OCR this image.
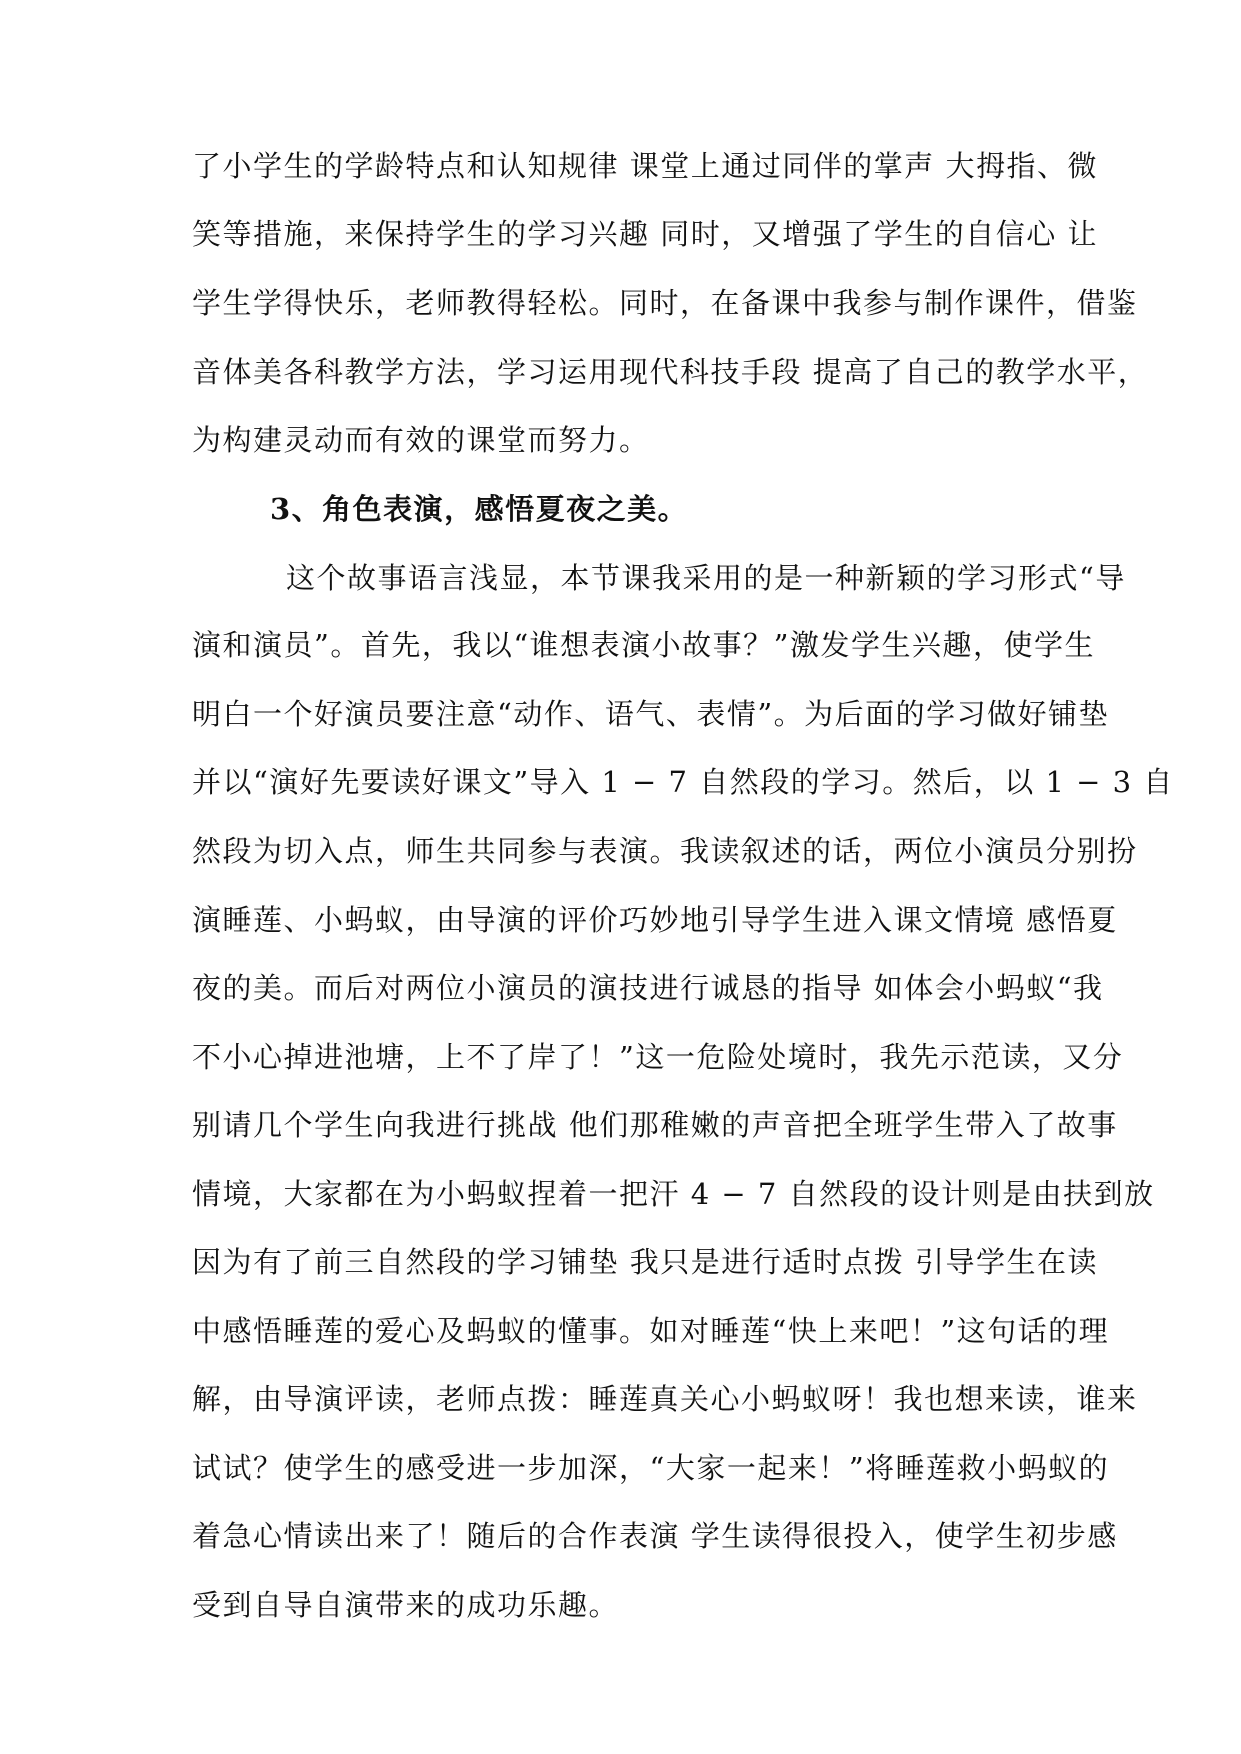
了小学生的学龄特点和认知规律 课堂上通过同伴的掌声 大拇指、微
笑等措施，来保持学生的学习兴趣 同时，又增强了学生的自信心 让
学生学得快乐，老师教得轻松。同时，在备课中我参与制作课件，借鉴
音体美各科教学方法，学习运用现代科技手段 提高了自己的教学水平，
为构建灵动而有效的课堂而努力。
3、角色表演，感悟夏夜之美。
这个故事语言浅显，本节课我采用的是一种新颖的学习形式“导
演和演员”。首先，我以“谁想表演小故事？”激发学生兴趣，使学生
明白一个好演员要注意“动作、语气、表情”。为后面的学习做好铺垫
并以“演好先要读好课文”导入 1 − 7 自然段的学习。然后，以 1 − 3 自
然段为切入点，师生共同参与表演。我读叙述的话，两位小演员分别扮
演睡莲、小蚂蚁，由导演的评价巧妙地引导学生进入课文情境 感悟夏
夜的美。而后对两位小演员的演技进行诚恳的指导 如体会小蚂蚁“我
不小心掉进池塘，上不了岸了！”这一危险处境时，我先示范读，又分
别请几个学生向我进行挑战 他们那稚嫩的声音把全班学生带入了故事
情境，大家都在为小蚂蚁捏着一把汗 4 − 7 自然段的设计则是由扶到放
因为有了前三自然段的学习铺垫 我只是进行适时点拨 引导学生在读
中感悟睡莲的爱心及蚂蚁的懂事。如对睡莲“快上来吧！”这句话的理
解，由导演评读，老师点拨：睡莲真关心小蚂蚁呀！我也想来读，谁来
试试？使学生的感受进一步加深，“大家一起来！”将睡莲救小蚂蚁的
着急心情读出来了！随后的合作表演 学生读得很投入，使学生初步感
受到自导自演带来的成功乐趣。
